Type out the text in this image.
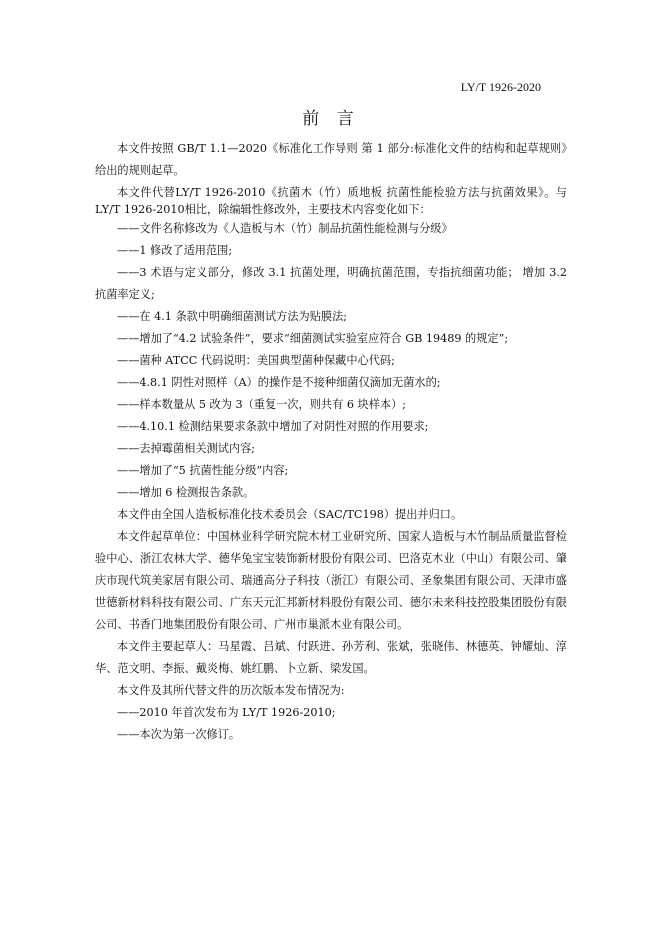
LY/T 1926-2020
前 言

本文件按照 GB/T 1.1—2020《标准化工作导则 第 1 部分:标准化文件的结构和起草规则》给出的规则起草。

本文件代替LY/T 1926-2010《抗菌木（竹）质地板 抗菌性能检验方法与抗菌效果》。与LY/T 1926-2010相比，除编辑性修改外，主要技术内容变化如下：

——文件名称修改为《人造板与木（竹）制品抗菌性能检测与分级》

——1 修改了适用范围;

——3 术语与定义部分，修改 3.1 抗菌处理，明确抗菌范围，专指抗细菌功能； 增加 3.2 抗菌率定义;

——在 4.1 条款中明确细菌测试方法为贴膜法;

——增加了“4.2 试验条件”，要求“细菌测试实验室应符合 GB 19489 的规定”;

——菌种 ATCC 代码说明：美国典型菌种保藏中心代码;

——4.8.1 阴性对照样（A）的操作是不接种细菌仅滴加无菌水的;

——样本数量从 5 改为 3（重复一次，则共有 6 块样本）;

——4.10.1 检测结果要求条款中增加了对阴性对照的作用要求;

——去掉霉菌相关测试内容;

——增加了“5 抗菌性能分级”内容;

——增加 6 检测报告条款。

本文件由全国人造板标准化技术委员会（SAC/TC198）提出并归口。

本文件起草单位：中国林业科学研究院木材工业研究所、国家人造板与木竹制品质量监督检验中心、浙江农林大学、德华兔宝宝装饰新材股份有限公司、巴洛克木业（中山）有限公司、肇庆市现代筑美家居有限公司、瑞通高分子科技（浙江）有限公司、圣象集团有限公司、天津市盛世德新材料科技有限公司、广东天元汇邦新材料股份有限公司、德尔未来科技控股集团股份有限公司、书香门地集团股份有限公司、广州市巢派木业有限公司。

本文件主要起草人：马星霞、吕斌、付跃进、孙芳利、张斌，张晓伟、林德英、钟耀灿、淳华、范文明、李振、戴炎梅、姚红鹏、卜立新、梁发国。

本文件及其所代替文件的历次版本发布情况为:

——2010 年首次发布为 LY/T 1926-2010;

——本次为第一次修订。
